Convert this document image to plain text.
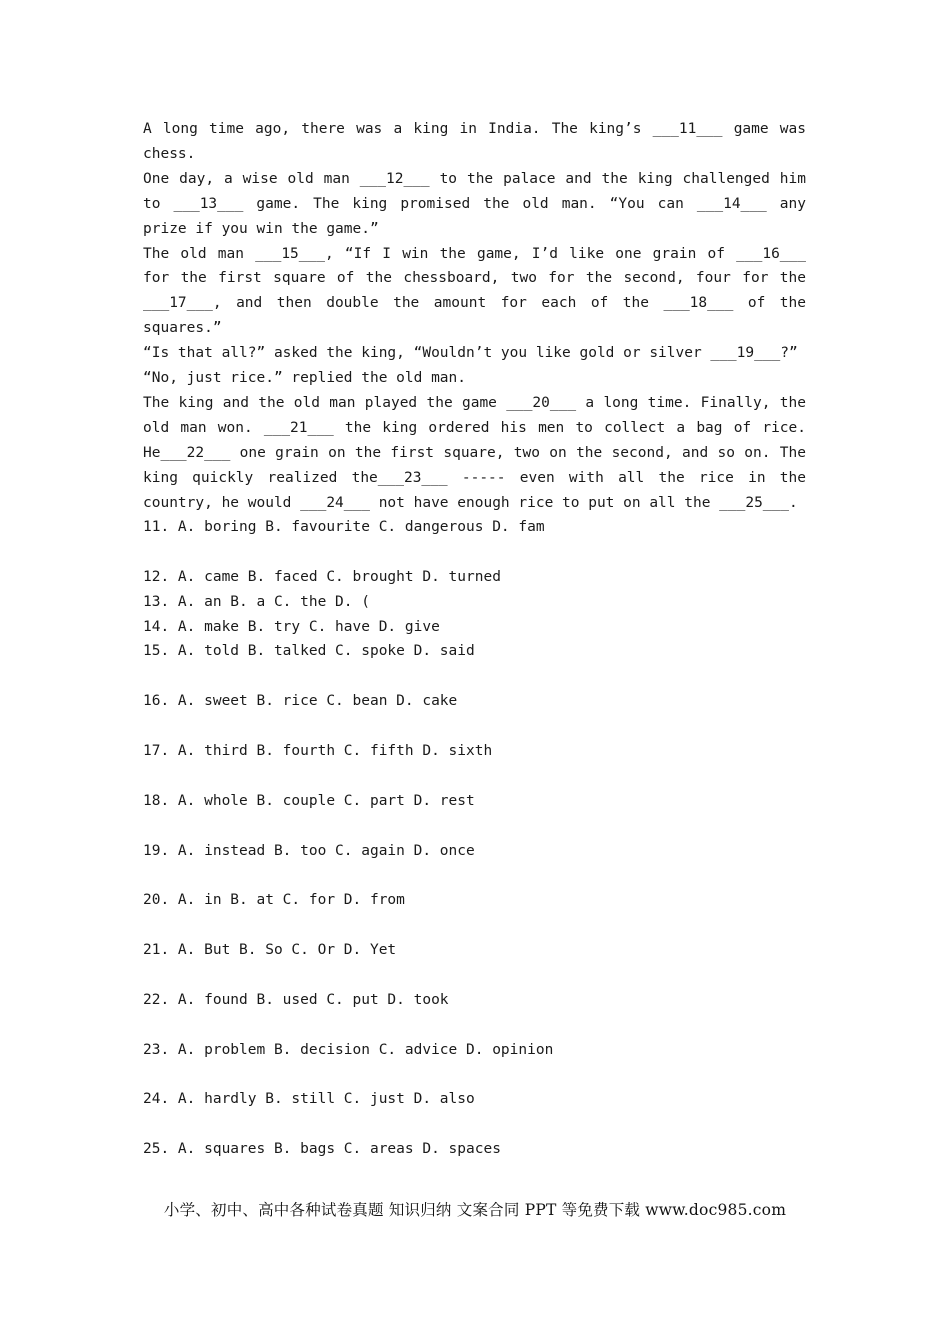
A long time ago, there was a king in India. The king’s ___11___ game was chess.

One day, a wise old man ___12___ to the palace and the king challenged him to ___13___ game. The king promised the old man. “You can ___14___ any prize if you win the game.”

The old man ___15___, “If I win the game, I’d like one grain of ___16___ for the first square of the chessboard, two for the second, four for the ___17___, and then double the amount for each of the ___18___ of the squares.”

“Is that all?” asked the king, “Wouldn’t you like gold or silver ___19___?”

“No, just rice.” replied the old man.

The king and the old man played the game ___20___ a long time. Finally, the old man won. ___21___ the king ordered his men to collect a bag of rice. He___22___ one grain on the first square, two on the second, and so on. The king quickly realized the___23___ ----- even with all the rice in the country, he would ___24___ not have enough rice to put on all the ___25___.

11. A. boring B. favourite C. dangerous D. fam

12. A. came B. faced C. brought D. turned

13. A. an B. a C. the D. (

14. A. make B. try C. have D. give

15. A. told B. talked C. spoke D. said

16. A. sweet B. rice C. bean D. cake

17. A. third B. fourth C. fifth D. sixth

18. A. whole B. couple C. part D. rest

19. A. instead B. too C. again D. once

20. A. in B. at C. for D. from

21. A. But B. So C. Or D. Yet

22. A. found B. used C. put D. took

23. A. problem B. decision C. advice D. opinion

24. A. hardly B. still C. just D. also

25. A. squares B. bags C. areas D. spaces

小学、初中、高中各种试卷真题 知识归纳 文案合同 PPT 等免费下载 www.doc985.com
